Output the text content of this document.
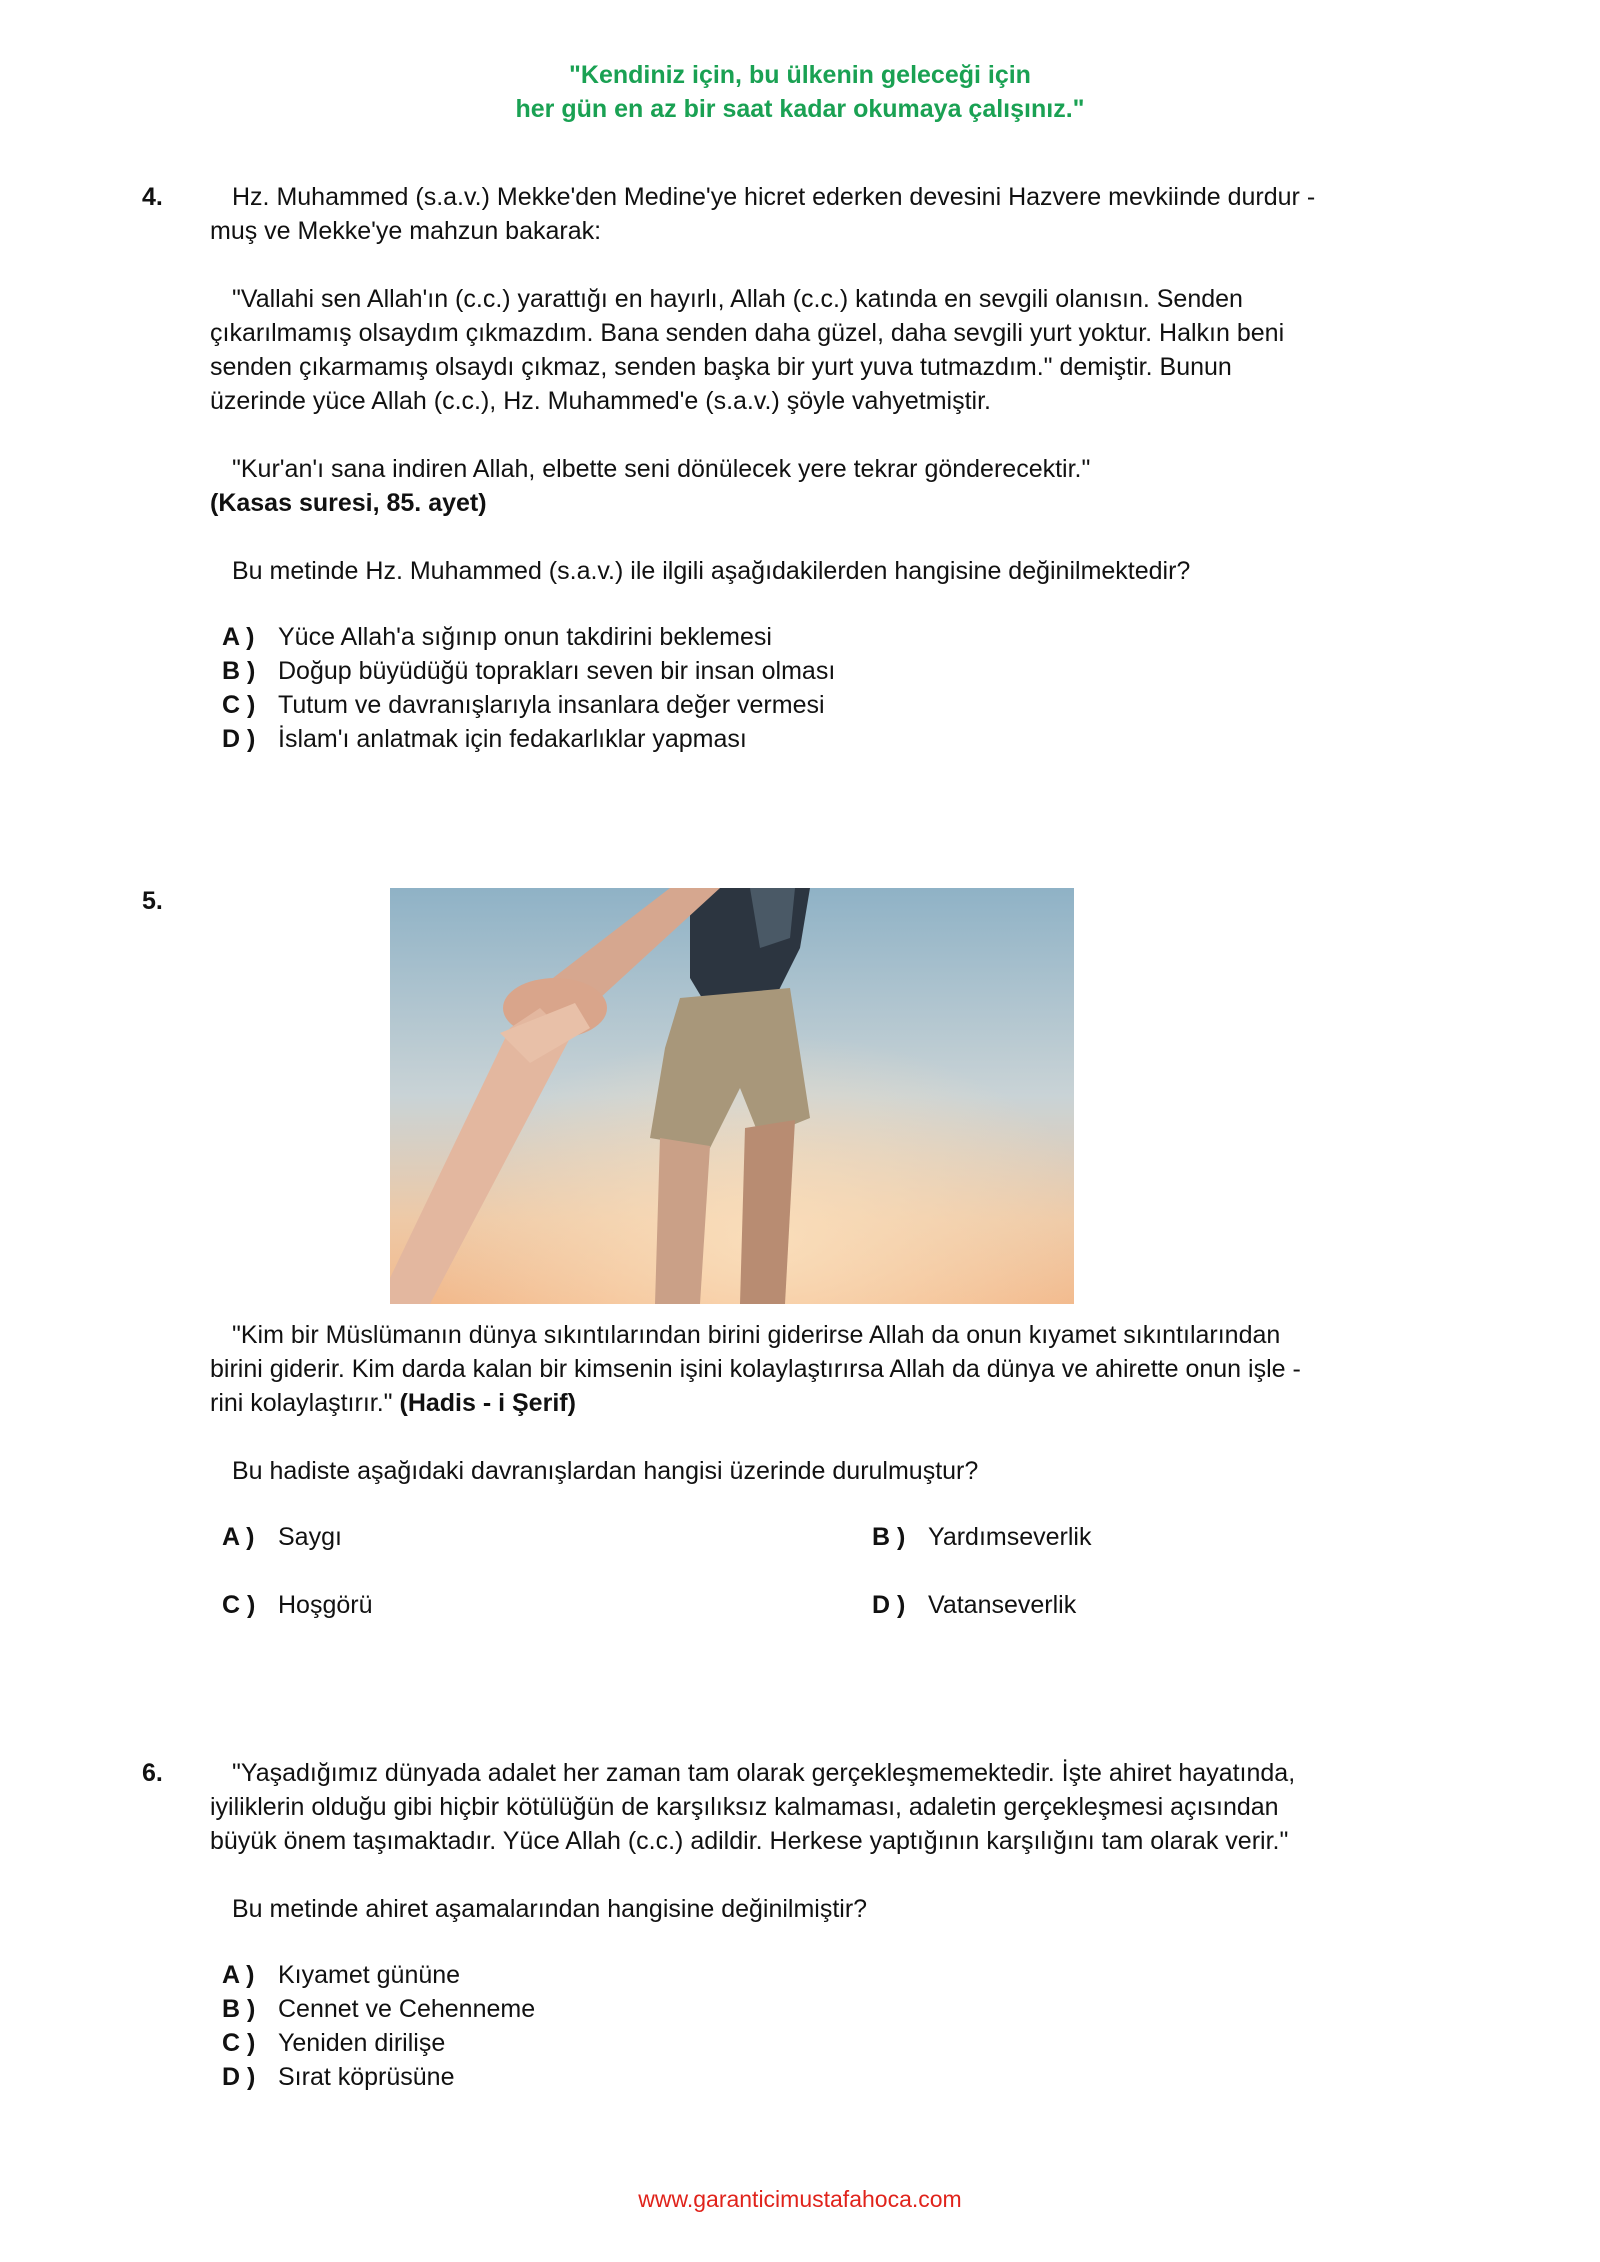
"Kendiniz için, bu ülkenin geleceği için
her gün en az bir saat kadar okumaya çalışınız."
4.	Hz. Muhammed (s.a.v.) Mekke'den Medine'ye hicret ederken devesini Hazvere mevkiinde durdur -

muş ve Mekke'ye mahzun bakarak:

"Vallahi sen Allah'ın (c.c.) yarattığı en hayırlı, Allah (c.c.) katında en sevgili olanısın. Senden

çıkarılmamış olsaydım çıkmazdım. Bana senden daha güzel, daha sevgili yurt yoktur. Halkın beni

senden çıkarmamış olsaydı çıkmaz, senden başka bir yurt yuva tutmazdım." demiştir. Bunun

üzerinde yüce Allah (c.c.), Hz. Muhammed'e (s.a.v.) şöyle vahyetmiştir.

"Kur'an'ı sana indiren Allah, elbette seni dönülecek yere tekrar gönderecektir."

(Kasas suresi, 85. ayet)

Bu metinde Hz. Muhammed (s.a.v.) ile ilgili aşağıdakilerden hangisine değinilmektedir?

A ) Yüce Allah'a sığınıp onun takdirini beklemesi
B ) Doğup büyüdüğü toprakları seven bir insan olması
C ) Tutum ve davranışlarıyla insanlara değer vermesi
D ) İslam'ı anlatmak için fedakarlıklar yapması
5.

"Kim bir Müslümanın dünya sıkıntılarından birini giderirse Allah da onun kıyamet sıkıntılarından

birini giderir. Kim darda kalan bir kimsenin işini kolaylaştırırsa Allah da dünya ve ahirette onun işle -

rini kolaylaştırır." (Hadis - i Şerif)

Bu hadiste aşağıdaki davranışlardan hangisi üzerinde durulmuştur?

A ) Saygı	B ) Yardımseverlik
C ) Hoşgörü	D ) Vatanseverlik
6.	"Yaşadığımız dünyada adalet her zaman tam olarak gerçekleşmemektedir. İşte ahiret hayatında,

iyiliklerin olduğu gibi hiçbir kötülüğün de karşılıksız kalmaması, adaletin gerçekleşmesi açısından

büyük önem taşımaktadır. Yüce Allah (c.c.) adildir. Herkese yaptığının karşılığını tam olarak verir."

Bu metinde ahiret aşamalarından hangisine değinilmiştir?

A ) Kıyamet gününe
B ) Cennet ve Cehenneme
C ) Yeniden dirilişe
D ) Sırat köprüsüne
www.garanticimustafahoca.com
